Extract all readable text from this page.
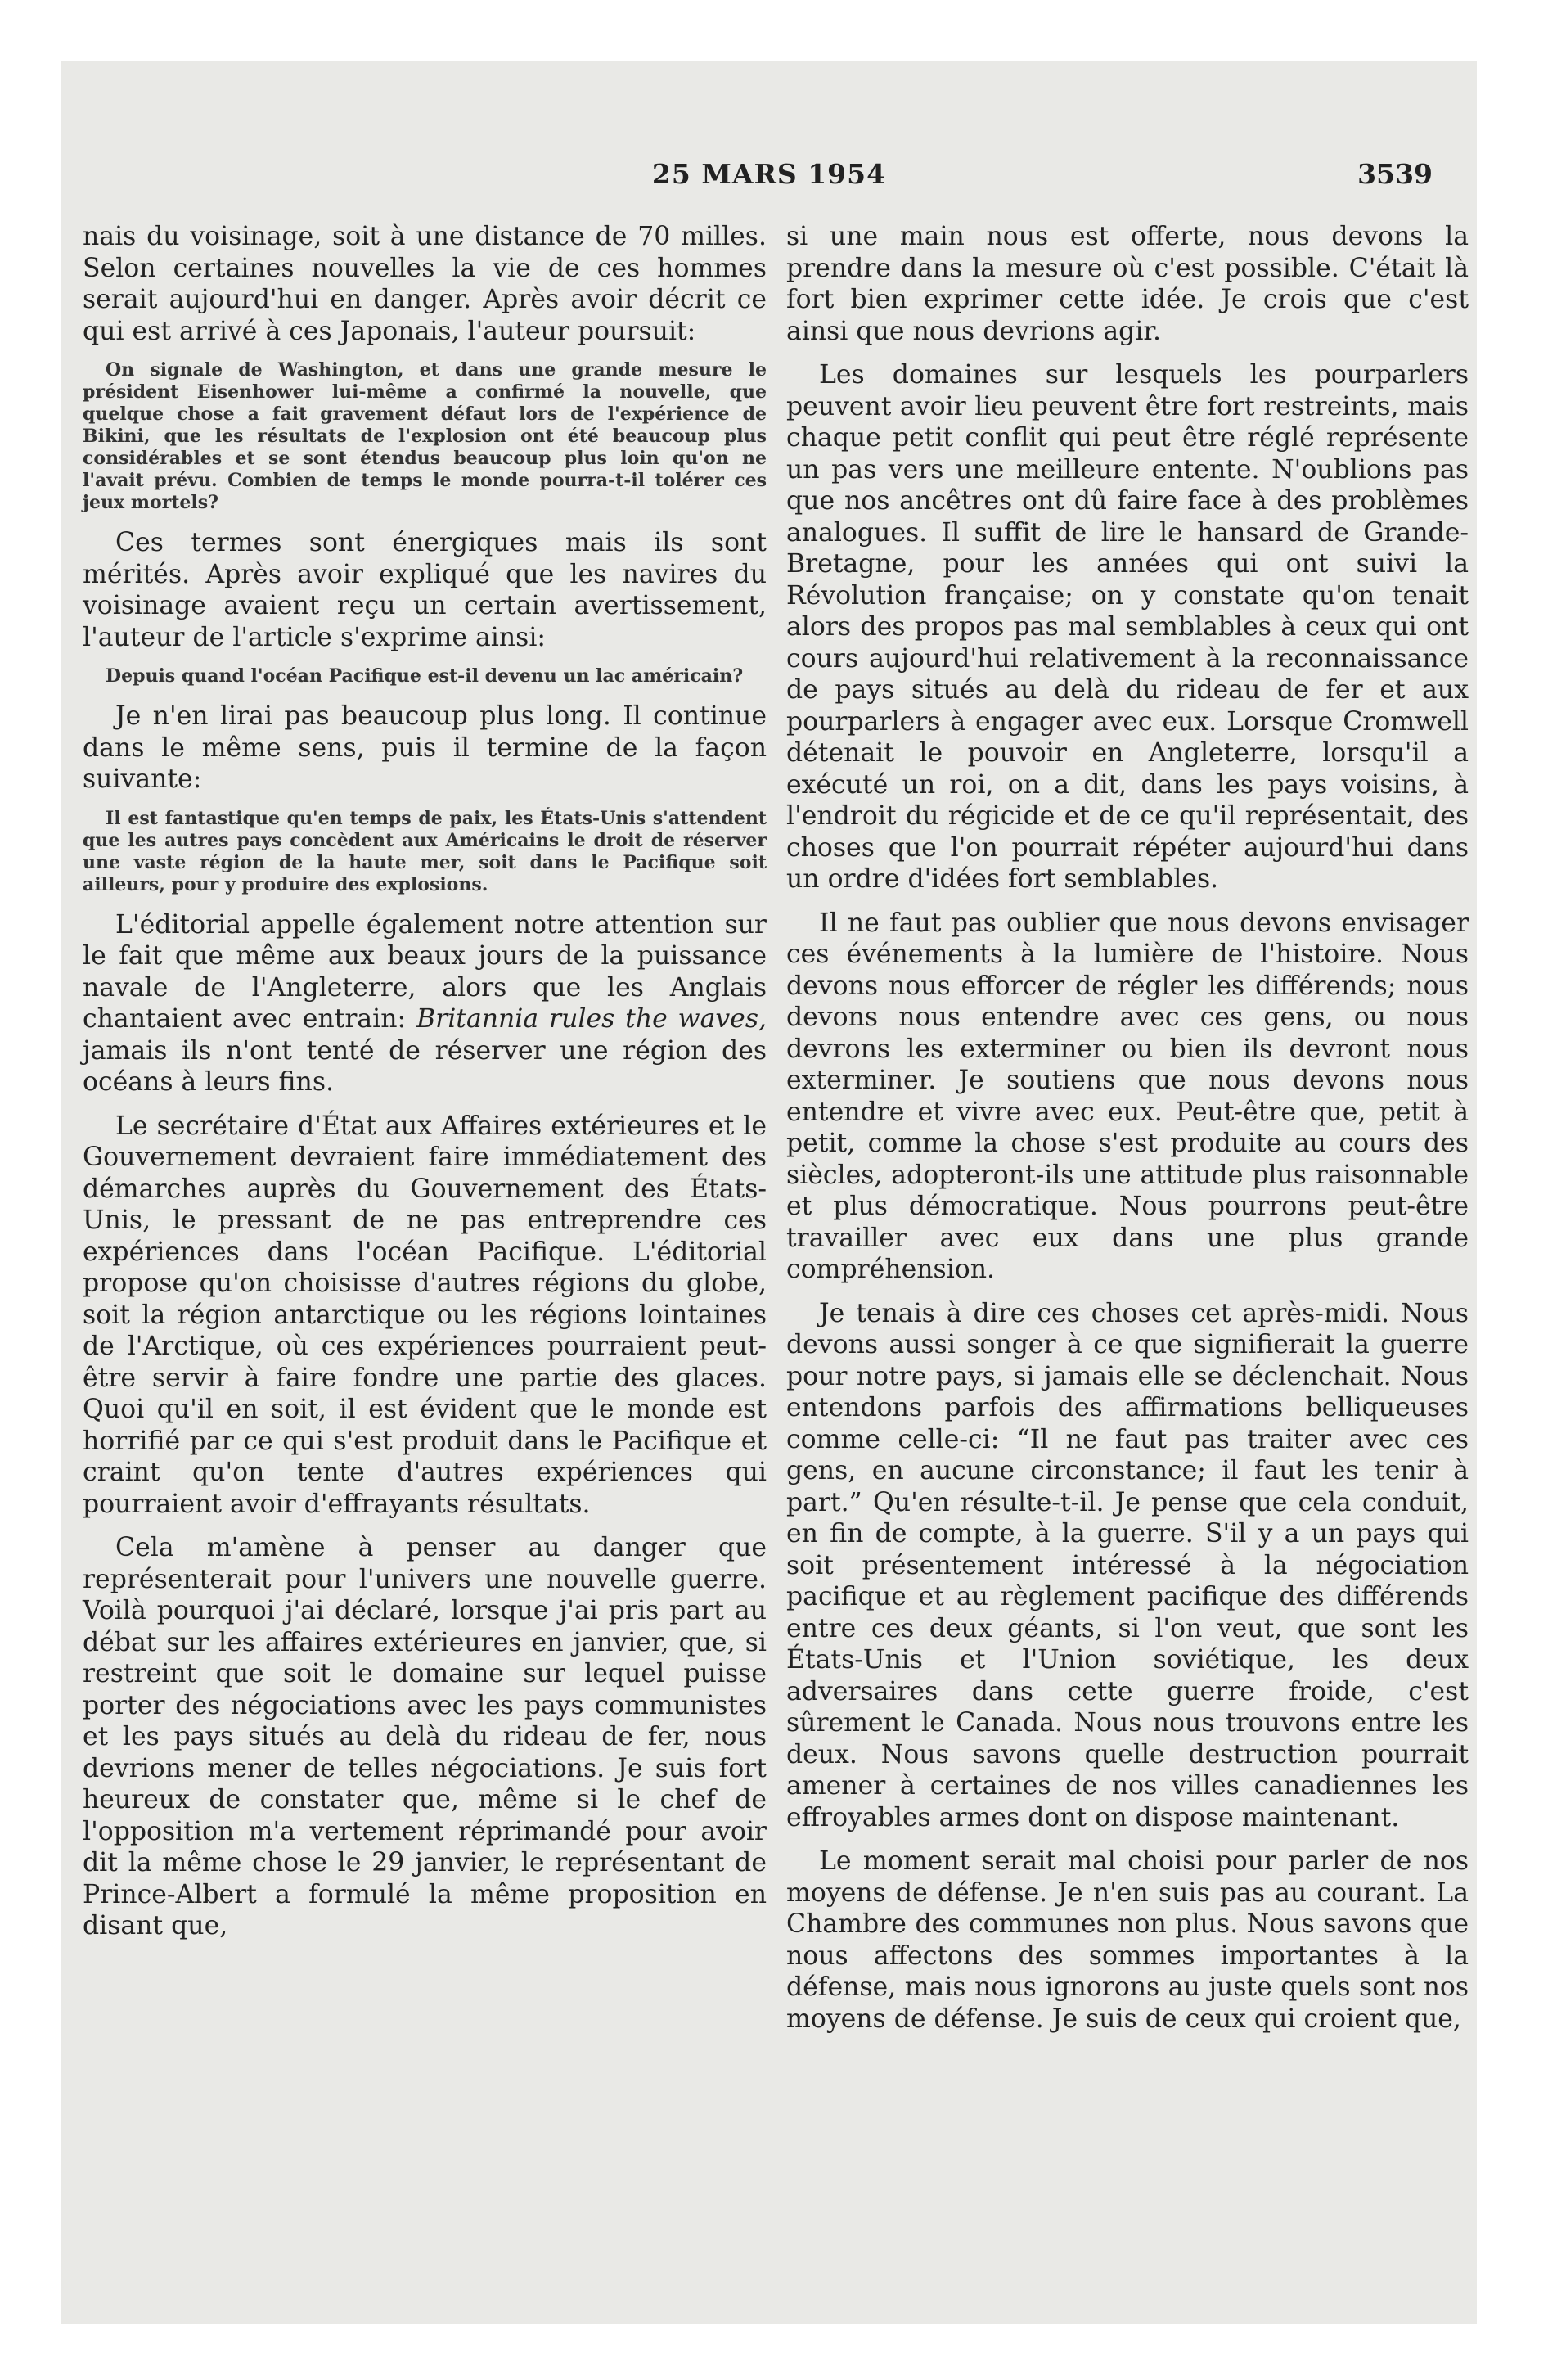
25 MARS 1954	3539

nais du voisinage, soit à une distance de 70 milles. Selon certaines nouvelles la vie de ces hommes serait aujourd'hui en danger. Après avoir décrit ce qui est arrivé à ces Japonais, l'auteur poursuit:

On signale de Washington, et dans une grande mesure le président Eisenhower lui-même a confirmé la nouvelle, que quelque chose a fait gravement défaut lors de l'expérience de Bikini, que les résultats de l'explosion ont été beaucoup plus considérables et se sont étendus beaucoup plus loin qu'on ne l'avait prévu. Combien de temps le monde pourra-t-il tolérer ces jeux mortels?

Ces termes sont énergiques mais ils sont mérités. Après avoir expliqué que les navires du voisinage avaient reçu un certain avertissement, l'auteur de l'article s'exprime ainsi:

Depuis quand l'océan Pacifique est-il devenu un lac américain?

Je n'en lirai pas beaucoup plus long. Il continue dans le même sens, puis il termine de la façon suivante:

Il est fantastique qu'en temps de paix, les États-Unis s'attendent que les autres pays concèdent aux Américains le droit de réserver une vaste région de la haute mer, soit dans le Pacifique soit ailleurs, pour y produire des explosions.

L'éditorial appelle également notre attention sur le fait que même aux beaux jours de la puissance navale de l'Angleterre, alors que les Anglais chantaient avec entrain: Britannia rules the waves, jamais ils n'ont tenté de réserver une région des océans à leurs fins.

Le secrétaire d'État aux Affaires extérieures et le Gouvernement devraient faire immédiatement des démarches auprès du Gouvernement des États-Unis, le pressant de ne pas entreprendre ces expériences dans l'océan Pacifique. L'éditorial propose qu'on choisisse d'autres régions du globe, soit la région antarctique ou les régions lointaines de l'Arctique, où ces expériences pourraient peut-être servir à faire fondre une partie des glaces. Quoi qu'il en soit, il est évident que le monde est horrifié par ce qui s'est produit dans le Pacifique et craint qu'on tente d'autres expériences qui pourraient avoir d'effrayants résultats.

Cela m'amène à penser au danger que représenterait pour l'univers une nouvelle guerre. Voilà pourquoi j'ai déclaré, lorsque j'ai pris part au débat sur les affaires extérieures en janvier, que, si restreint que soit le domaine sur lequel puisse porter des négociations avec les pays communistes et les pays situés au delà du rideau de fer, nous devrions mener de telles négociations. Je suis fort heureux de constater que, même si le chef de l'opposition m'a vertement réprimandé pour avoir dit la même chose le 29 janvier, le représentant de Prince-Albert a formulé la même proposition en disant que,

si une main nous est offerte, nous devons la prendre dans la mesure où c'est possible. C'était là fort bien exprimer cette idée. Je crois que c'est ainsi que nous devrions agir.

Les domaines sur lesquels les pourparlers peuvent avoir lieu peuvent être fort restreints, mais chaque petit conflit qui peut être réglé représente un pas vers une meilleure entente. N'oublions pas que nos ancêtres ont dû faire face à des problèmes analogues. Il suffit de lire le hansard de Grande-Bretagne, pour les années qui ont suivi la Révolution française; on y constate qu'on tenait alors des propos pas mal semblables à ceux qui ont cours aujourd'hui relativement à la reconnaissance de pays situés au delà du rideau de fer et aux pourparlers à engager avec eux. Lorsque Cromwell détenait le pouvoir en Angleterre, lorsqu'il a exécuté un roi, on a dit, dans les pays voisins, à l'endroit du régicide et de ce qu'il représentait, des choses que l'on pourrait répéter aujourd'hui dans un ordre d'idées fort semblables.

Il ne faut pas oublier que nous devons envisager ces événements à la lumière de l'histoire. Nous devons nous efforcer de régler les différends; nous devons nous entendre avec ces gens, ou nous devrons les exterminer ou bien ils devront nous exterminer. Je soutiens que nous devons nous entendre et vivre avec eux. Peut-être que, petit à petit, comme la chose s'est produite au cours des siècles, adopteront-ils une attitude plus raisonnable et plus démocratique. Nous pourrons peut-être travailler avec eux dans une plus grande compréhension.

Je tenais à dire ces choses cet après-midi. Nous devons aussi songer à ce que signifierait la guerre pour notre pays, si jamais elle se déclenchait. Nous entendons parfois des affirmations belliqueuses comme celle-ci: “Il ne faut pas traiter avec ces gens, en aucune circonstance; il faut les tenir à part.” Qu'en résulte-t-il. Je pense que cela conduit, en fin de compte, à la guerre. S'il y a un pays qui soit présentement intéressé à la négociation pacifique et au règlement pacifique des différends entre ces deux géants, si l'on veut, que sont les États-Unis et l'Union soviétique, les deux adversaires dans cette guerre froide, c'est sûrement le Canada. Nous nous trouvons entre les deux. Nous savons quelle destruction pourrait amener à certaines de nos villes canadiennes les effroyables armes dont on dispose maintenant.

Le moment serait mal choisi pour parler de nos moyens de défense. Je n'en suis pas au courant. La Chambre des communes non plus. Nous savons que nous affectons des sommes importantes à la défense, mais nous ignorons au juste quels sont nos moyens de défense. Je suis de ceux qui croient que,
